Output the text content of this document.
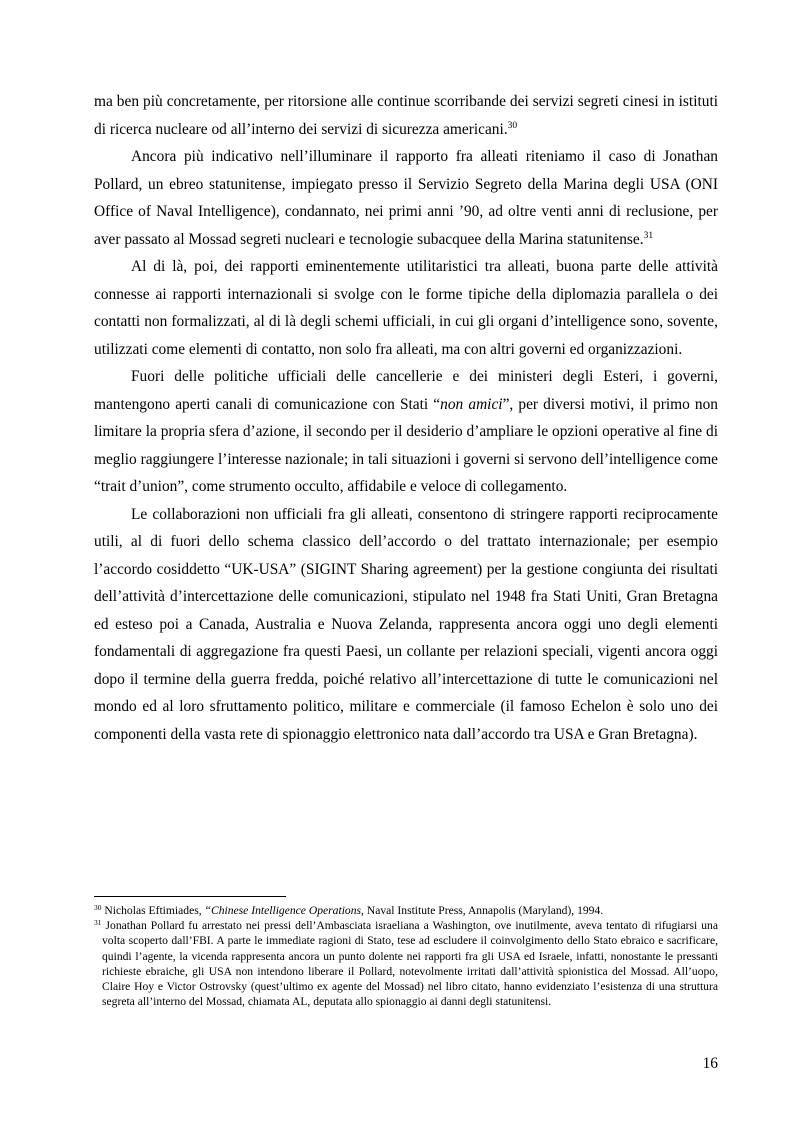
ma ben più concretamente, per ritorsione alle continue scorribande dei servizi segreti cinesi in istituti di ricerca nucleare od all’interno dei servizi di sicurezza americani.$^{30}$

Ancora più indicativo nell’illuminare il rapporto fra alleati riteniamo il caso di Jonathan Pollard, un ebreo statunitense, impiegato presso il Servizio Segreto della Marina degli USA (ONI Office of Naval Intelligence), condannato, nei primi anni ’90, ad oltre venti anni di reclusione, per aver passato al Mossad segreti nucleari e tecnologie subacquee della Marina statunitense.$^{31}$

Al di là, poi, dei rapporti eminentemente utilitaristici tra alleati, buona parte delle attività connesse ai rapporti internazionali si svolge con le forme tipiche della diplomazia parallela o dei contatti non formalizzati, al di là degli schemi ufficiali, in cui gli organi d’intelligence sono, sovente, utilizzati come elementi di contatto, non solo fra alleati, ma con altri governi ed organizzazioni.

Fuori delle politiche ufficiali delle cancellerie e dei ministeri degli Esteri, i governi, mantengono aperti canali di comunicazione con Stati “non amici”, per diversi motivi, il primo non limitare la propria sfera d’azione, il secondo per il desiderio d’ampliare le opzioni operative al fine di meglio raggiungere l’interesse nazionale; in tali situazioni i governi si servono dell’intelligence come “trait d’union”, come strumento occulto, affidabile e veloce di collegamento.

Le collaborazioni non ufficiali fra gli alleati, consentono di stringere rapporti reciprocamente utili, al di fuori dello schema classico dell’accordo o del trattato internazionale; per esempio l’accordo cosiddetto “UK-USA” (SIGINT Sharing agreement) per la gestione congiunta dei risultati dell’attività d’intercettazione delle comunicazioni, stipulato nel 1948 fra Stati Uniti, Gran Bretagna ed esteso poi a Canada, Australia e Nuova Zelanda, rappresenta ancora oggi uno degli elementi fondamentali di aggregazione fra questi Paesi, un collante per relazioni speciali, vigenti ancora oggi dopo il termine della guerra fredda, poiché relativo all’intercettazione di tutte le comunicazioni nel mondo ed al loro sfruttamento politico, militare e commerciale (il famoso Echelon è solo uno dei componenti della vasta rete di spionaggio elettronico nata dall’accordo tra USA e Gran Bretagna).

$^{30}$ Nicholas Eftimiades, “Chinese Intelligence Operations, Naval Institute Press, Annapolis (Maryland), 1994.

$^{31}$ Jonathan Pollard fu arrestato nei pressi dell’Ambasciata israeliana a Washington, ove inutilmente, aveva tentato di rifugiarsi una volta scoperto dall’FBI. A parte le immediate ragioni di Stato, tese ad escludere il coinvolgimento dello Stato ebraico e sacrificare, quindi l’agente, la vicenda rappresenta ancora un punto dolente nei rapporti fra gli USA ed Israele, infatti, nonostante le pressanti richieste ebraiche, gli USA non intendono liberare il Pollard, notevolmente irritati dall’attività spionistica del Mossad. All’uopo, Claire Hoy e Victor Ostrovsky (quest’ultimo ex agente del Mossad) nel libro citato, hanno evidenziato l’esistenza di una struttura segreta all’interno del Mossad, chiamata AL, deputata allo spionaggio ai danni degli statunitensi.

16
